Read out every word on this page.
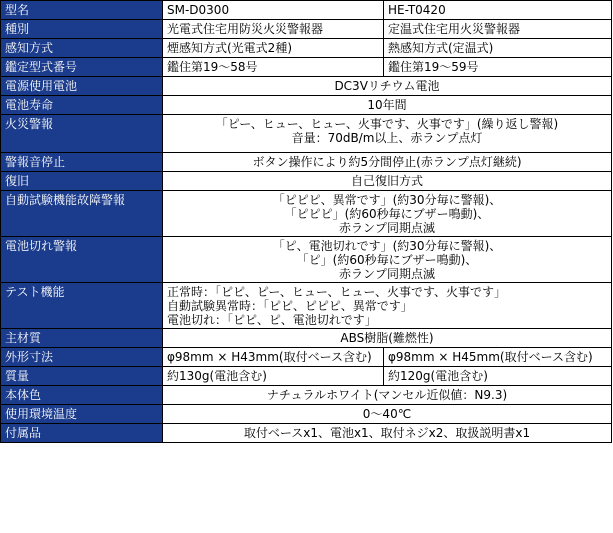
型名	SM-D0300	HE-T0420
種別	光電式住宅用防災火災警報器	定温式住宅用火災警報器
感知方式	煙感知方式(光電式2種)	熱感知方式(定温式)
鑑定型式番号	鑑住第19～58号	鑑住第19～59号
電源使用電池	DC3Vリチウム電池	
電池寿命	10年間	
火災警報	「ピー、ヒュー、ヒュー、火事です、火事です」(繰り返し警報)
音量：70dB/m以上、赤ランプ点灯	
警報音停止	ボタン操作により約5分間停止(赤ランプ点灯継続)	
復旧	自己復旧方式	
自動試験機能故障警報	「ピピピ、異常です」(約30分毎に警報)、
「ピピピ」(約60秒毎にブザー鳴動)、
赤ランプ同期点滅	
電池切れ警報	「ピ、電池切れです」(約30分毎に警報)、
「ピ」(約60秒毎にブザー鳴動)、
赤ランプ同期点滅	
テスト機能	正常時：「ピピ、ピー、ヒュー、ヒュー、火事です、火事です」
自動試験異常時：「ピピ、ピピピ、異常です」
電池切れ：「ピピ、ピ、電池切れです」	
主材質	ABS樹脂(難燃性)	
外形寸法	φ98mm × H43mm(取付ベース含む)	φ98mm × H45mm(取付ベース含む)
質量	約130g(電池含む)	約120g(電池含む)
本体色	ナチュラルホワイト(マンセル近似値：N9.3)	
使用環境温度	0～40℃	
付属品	取付ベースx1、電池x1、取付ネジx2、取扱説明書x1	
